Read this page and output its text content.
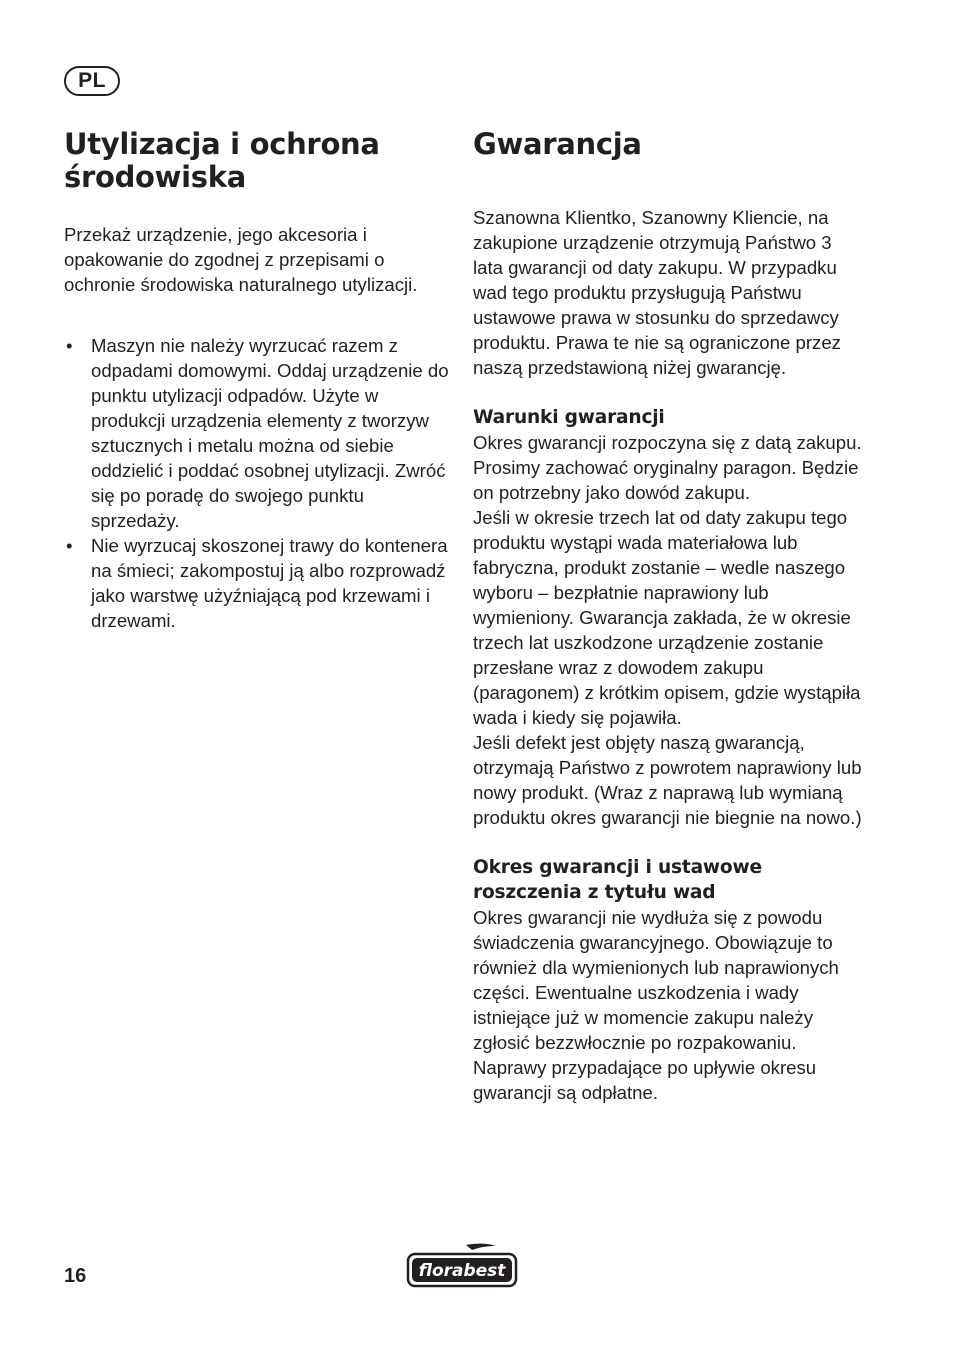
PL
Utylizacja i ochrona środowiska

Przekaż urządzenie, jego akcesoria i opakowanie do zgodnej z przepisami o ochronie środowiska naturalnego utylizacji.

• Maszyn nie należy wyrzucać razem z odpadami domowymi. Oddaj urządzenie do punktu utylizacji odpadów. Użyte w produkcji urządzenia elementy z tworzyw sztucznych i metalu można od siebie oddzielić i poddać osobnej utylizacji. Zwróć się po poradę do swojego punktu sprzedaży.
• Nie wyrzucaj skoszonej trawy do kontenera na śmieci; zakompostuj ją albo rozprowadź jako warstwę użyźniającą pod krzewami i drzewami.
Gwarancja

Szanowna Klientko, Szanowny Kliencie, na zakupione urządzenie otrzymują Państwo 3 lata gwarancji od daty zakupu. W przypadku wad tego produktu przysługują Państwu ustawowe prawa w stosunku do sprzedawcy produktu. Prawa te nie są ograniczone przez naszą przedstawioną niżej gwarancję.

Warunki gwarancji

Okres gwarancji rozpoczyna się z datą zakupu. Prosimy zachować oryginalny paragon. Będzie on potrzebny jako dowód zakupu.

Jeśli w okresie trzech lat od daty zakupu tego produktu wystąpi wada materiałowa lub fabryczna, produkt zostanie – wedle naszego wyboru – bezpłatnie naprawiony lub wymieniony. Gwarancja zakłada, że w okresie trzech lat uszkodzone urządzenie zostanie przesłane wraz z dowodem zakupu (paragonem) z krótkim opisem, gdzie wystąpiła wada i kiedy się pojawiła.

Jeśli defekt jest objęty naszą gwarancją, otrzymają Państwo z powrotem naprawiony lub nowy produkt. (Wraz z naprawą lub wymianą produktu okres gwarancji nie biegnie na nowo.)

Okres gwarancji i ustawowe roszczenia z tytułu wad

Okres gwarancji nie wydłuża się z powodu świadczenia gwarancyjnego. Obowiązuje to również dla wymienionych lub naprawionych części. Ewentualne uszkodzenia i wady istniejące już w momencie zakupu należy zgłosić bezzwłocznie po rozpakowaniu. Naprawy przypadające po upływie okresu gwarancji są odpłatne.

16	florabest
